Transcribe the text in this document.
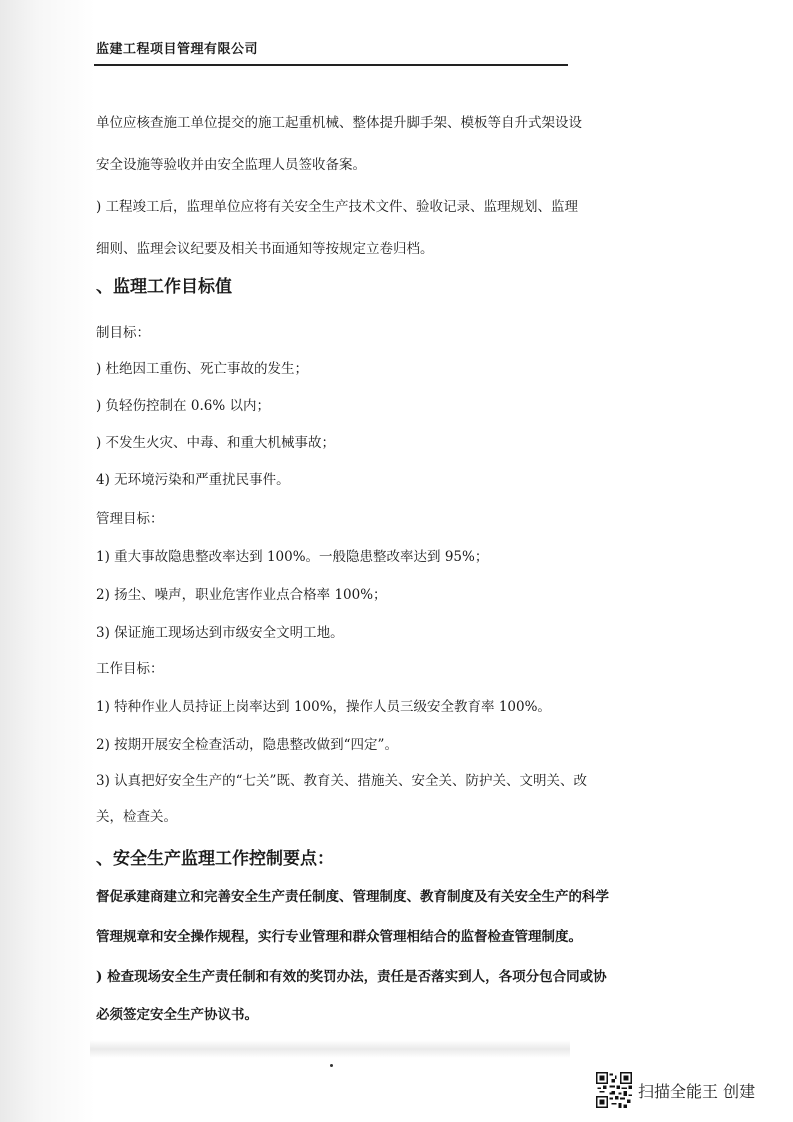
监建工程项目管理有限公司
单位应核查施工单位提交的施工起重机械、整体提升脚手架、模板等自升式架设设
安全设施等验收并由安全监理人员签收备案。
) 工程竣工后，监理单位应将有关安全生产技术文件、验收记录、监理规划、监理
细则、监理会议纪要及相关书面通知等按规定立卷归档。
、监理工作目标值
制目标：
) 杜绝因工重伤、死亡事故的发生；
) 负轻伤控制在 0.6% 以内；
) 不发生火灾、中毒、和重大机械事故；
4) 无环境污染和严重扰民事件。
管理目标：
1) 重大事故隐患整改率达到 100%。一般隐患整改率达到 95%；
2) 扬尘、噪声，职业危害作业点合格率 100%；
3) 保证施工现场达到市级安全文明工地。
工作目标：
1) 特种作业人员持证上岗率达到 100%，操作人员三级安全教育率 100%。
2) 按期开展安全检查活动，隐患整改做到“四定”。
3) 认真把好安全生产的“七关”既、教育关、措施关、安全关、防护关、文明关、改
关，检查关。
、安全生产监理工作控制要点：
督促承建商建立和完善安全生产责任制度、管理制度、教育制度及有关安全生产的科学
管理规章和安全操作规程，实行专业管理和群众管理相结合的监督检查管理制度。
) 检查现场安全生产责任制和有效的奖罚办法，责任是否落实到人，各项分包合同或协
必须签定安全生产协议书。
扫描全能王 创建
